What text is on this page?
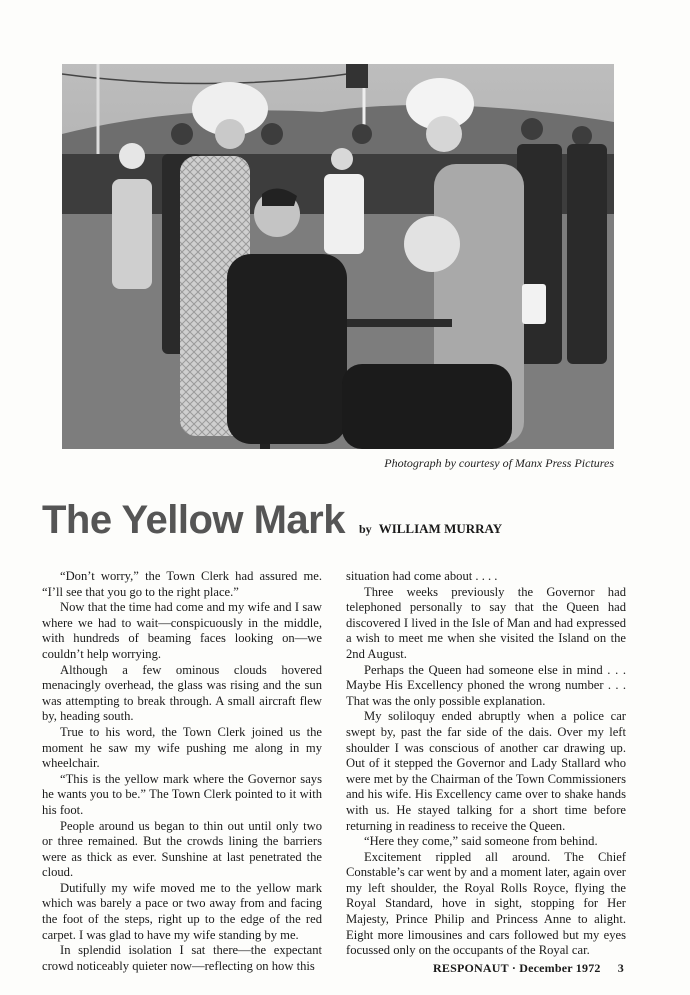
Photograph by courtesy of Manx Press Pictures
The Yellow Mark by WILLIAM MURRAY

“Don’t worry,” the Town Clerk had assured me. “I’ll see that you go to the right place.”

Now that the time had come and my wife and I saw where we had to wait—conspicuously in the middle, with hundreds of beaming faces looking on—we couldn’t help worrying.

Although a few ominous clouds hovered menacingly overhead, the glass was rising and the sun was attempting to break through. A small aircraft flew by, heading south.

True to his word, the Town Clerk joined us the moment he saw my wife pushing me along in my wheelchair.

“This is the yellow mark where the Governor says he wants you to be.” The Town Clerk pointed to it with his foot.

People around us began to thin out until only two or three remained. But the crowds lining the barriers were as thick as ever. Sunshine at last penetrated the cloud.

Dutifully my wife moved me to the yellow mark which was barely a pace or two away from and facing the foot of the steps, right up to the edge of the red carpet. I was glad to have my wife standing by me.

In splendid isolation I sat there—the expectant crowd noticeably quieter now—reflecting on how this

situation had come about . . . .

Three weeks previously the Governor had telephoned personally to say that the Queen had discovered I lived in the Isle of Man and had expressed a wish to meet me when she visited the Island on the 2nd August.

Perhaps the Queen had someone else in mind . . . Maybe His Excellency phoned the wrong number . . . That was the only possible explanation.

My soliloquy ended abruptly when a police car swept by, past the far side of the dais. Over my left shoulder I was conscious of another car drawing up. Out of it stepped the Governor and Lady Stallard who were met by the Chairman of the Town Commissioners and his wife. His Excellency came over to shake hands with us. He stayed talking for a short time before returning in readiness to receive the Queen.

“Here they come,” said someone from behind.

Excitement rippled all around. The Chief Constable’s car went by and a moment later, again over my left shoulder, the Royal Rolls Royce, flying the Royal Standard, hove in sight, stopping for Her Majesty, Prince Philip and Princess Anne to alight. Eight more limousines and cars followed but my eyes focussed only on the occupants of the Royal car.

RESPONAUT · December 1972 3
